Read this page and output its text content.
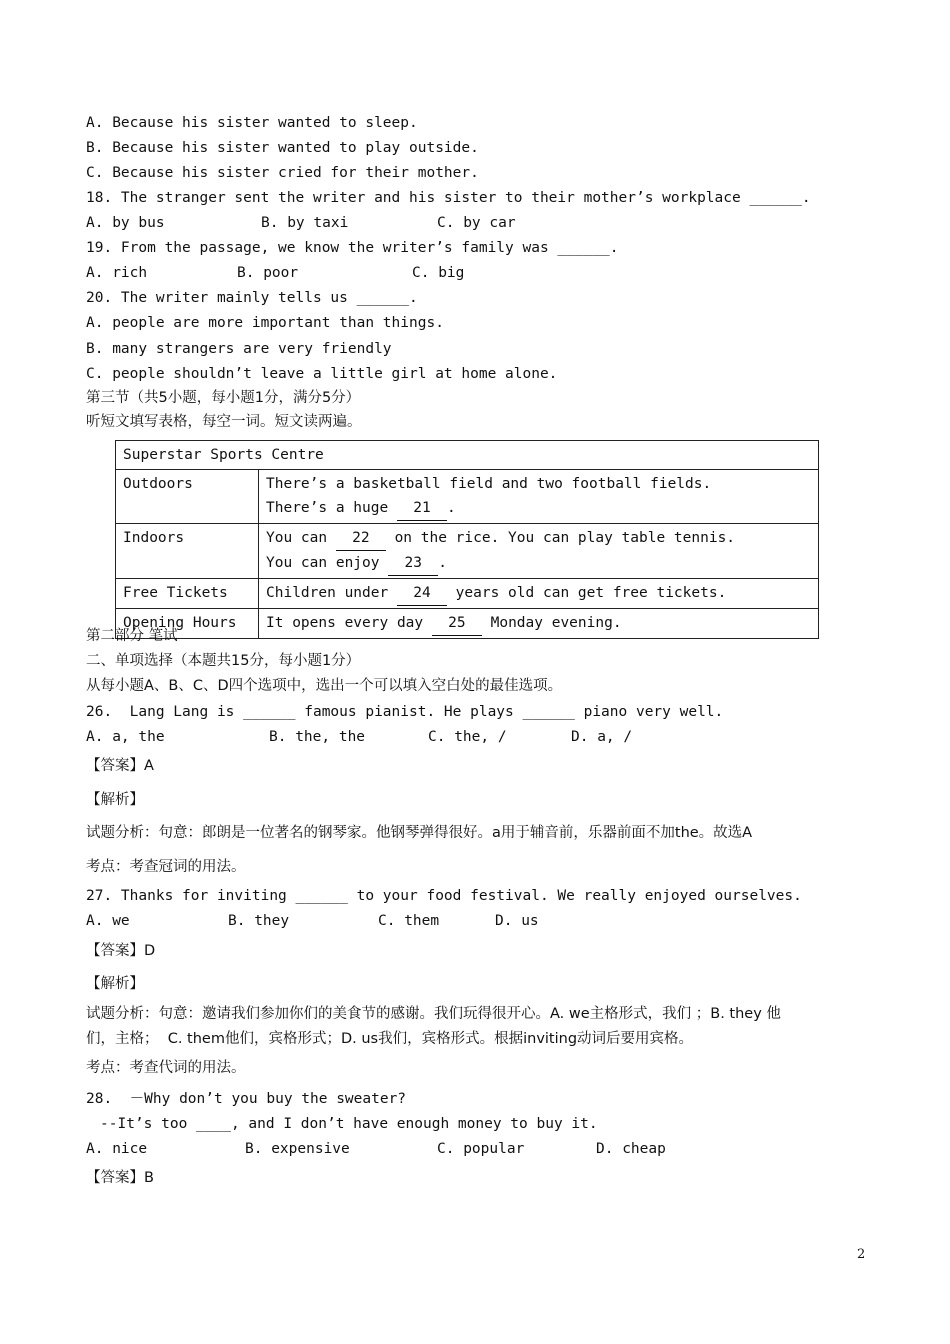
A. Because his sister wanted to sleep.
B. Because his sister wanted to play outside.
C. Because his sister cried for their mother.
18. The stranger sent the writer and his sister to their mother’s workplace ______.
A. by bus	B. by taxi	C. by car
19. From the passage, we know the writer’s family was ______.
A. rich	B. poor	C. big
20. The writer mainly tells us ______.
A. people are more important than things.
B. many strangers are very friendly
C. people shouldn’t leave a little girl at home alone.
第三节（共5小题，每小题1分，满分5分）
听短文填写表格，每空一词。短文读两遍。
Superstar Sports Centre	
Outdoors	There’s a basketball field and two football fields.
There’s a huge 21 .
Indoors	You can 22 on the rice. You can play table tennis.
You can enjoy 23 .
Free Tickets	Children under 24 years old can get free tickets.
Opening Hours	It opens every day 25 Monday evening.
第二部分 笔试
二、单项选择（本题共15分，每小题1分）
从每小题A、B、C、D四个选项中，选出一个可以填入空白处的最佳选项。
26.  Lang Lang is ______ famous pianist. He plays ______ piano very well.
A. a, the	B. the, the	C. the, /	D. a, /
【答案】A
【解析】
试题分析：句意：郎朗是一位著名的钢琴家。他钢琴弹得很好。a用于辅音前，乐器前面不加the。故选A
考点：考查冠词的用法。
27. Thanks for inviting ______ to your food festival. We really enjoyed ourselves.
A. we	B. they	C. them	D. us
【答案】D
【解析】
试题分析：句意：邀请我们参加你们的美食节的感谢。我们玩得很开心。A. we主格形式，我们 ；B. they 他
们，主格；  C. them他们，宾格形式；D. us我们，宾格形式。根据inviting动词后要用宾格。
考点：考查代词的用法。
28.  －Why don’t you buy the sweater?
--It’s too ____, and I don’t have enough money to buy it.
A. nice	B. expensive	C. popular	D. cheap
【答案】B
2
